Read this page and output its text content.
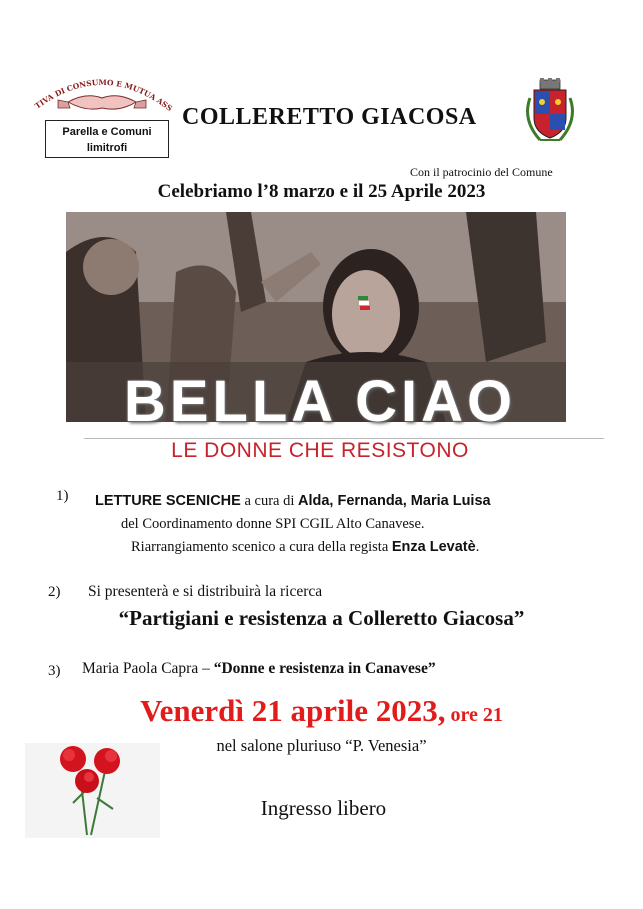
TIVA DI CONSUMO E MUTUA ASS
Parella e Comuni
limitrofi
COLLERETTO GIACOSA
Con il patrocinio del Comune
Celebriamo l’8 marzo e il 25 Aprile 2023
BELLA CIAO
LE DONNE CHE RESISTONO
1) LETTURE SCENICHE a cura di Alda, Fernanda, Maria Luisa
del Coordinamento donne SPI CGIL Alto Canavese.
Riarrangiamento scenico a cura della regista Enza Levatè.
2) Si presenterà e si distribuirà la ricerca
“Partigiani e resistenza a Colleretto Giacosa”
3) Maria Paola Capra – “Donne e resistenza in Canavese”
Venerdì 21 aprile 2023, ore 21
nel salone pluriuso “P. Venesia”
Ingresso libero
